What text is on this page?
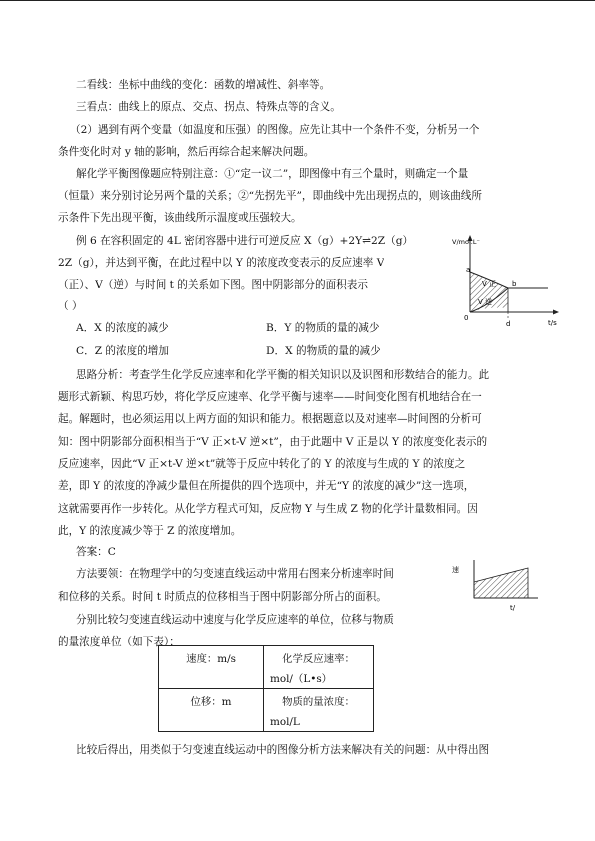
二看线：坐标中曲线的变化：函数的增减性、斜率等。
三看点：曲线上的原点、交点、拐点、特殊点等的含义。
（2）遇到有两个变量（如温度和压强）的图像。应先让其中一个条件不变，分析另一个
条件变化时对 y 轴的影响，然后再综合起来解决问题。
解化学平衡图像题应特别注意：①“定一议二”，即图像中有三个量时，则确定一个量
（恒量）来分别讨论另两个量的关系；②“先拐先平”，即曲线中先出现拐点的，则该曲线所
示条件下先出现平衡，该曲线所示温度或压强较大。
例 6 在容积固定的 4L 密闭容器中进行可逆反应 X（g）+2Y⇌2Z（g）
2Z（g），并达到平衡，在此过程中以 Y 的浓度改变表示的反应速率 V
（正）、V（逆）与时间 t 的关系如下图。图中阴影部分的面积表示
（ ）
A．X 的浓度的减少	B．Y 的物质的量的减少
C．Z 的浓度的增加	D．X 的物质的量的减少
思路分析：考查学生化学反应速率和化学平衡的相关知识以及识图和形数结合的能力。此
题形式新颖、构思巧妙，将化学反应速率、化学平衡与速率——时间变化图有机地结合在一
起。解题时，也必须运用以上两方面的知识和能力。根据题意以及对速率—时间图的分析可
知：图中阴影部分面积相当于“V 正×t-V 逆×t”，由于此题中 V 正是以 Y 的浓度变化表示的
反应速率，因此“V 正×t-V 逆×t”就等于反应中转化了的 Y 的浓度与生成的 Y 的浓度之
差，即 Y 的浓度的净减少量但在所提供的四个选项中，并无“Y 的浓度的减少”这一选项，
这就需要再作一步转化。从化学方程式可知，反应物 Y 与生成 Z 物的化学计量数相同。因
此，Y 的浓度减少等于 Z 的浓度增加。
答案：C
方法要领：在物理学中的匀变速直线运动中常用右图来分析速率时间
和位移的关系。时间 t 时质点的位移相当于图中阴影部分所占的面积。
分别比较匀变速直线运动中速度与化学反应速率的单位，位移与物质
的量浓度单位（如下表）：
比较后得出，用类似于匀变速直线运动中的图像分析方法来解决有关的问题：从中得出图
V/mol.L⁻
a
b
V 正
V 逆
0
d	t/s
速
t/
速度：m/s	化学反应速率：
mol/（L•s）

位移：m	物质的量浓度：
mol/L
